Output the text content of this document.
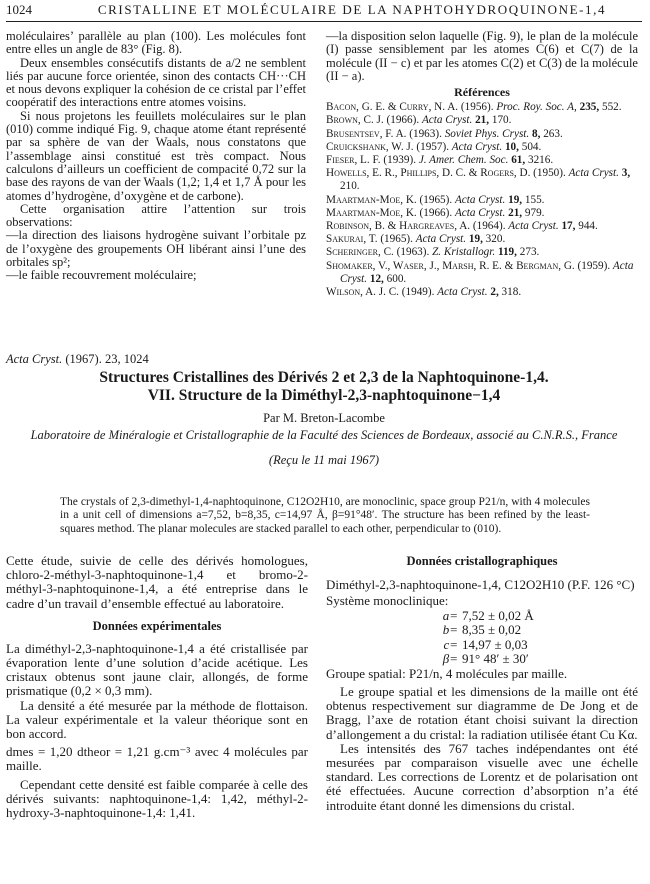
1024	CRISTALLINE ET MOLÉCULAIRE DE LA NAPHTOHYDROQUINONE-1,4

moléculaires’ parallèle au plan (100). Les molécules font entre elles un angle de 83° (Fig. 8).

Deux ensembles consécutifs distants de a/2 ne semblent liés par aucune force orientée, sinon des contacts CH···CH et nous devons expliquer la cohésion de ce cristal par l’effet coopératif des interactions entre atomes voisins.

Si nous projetons les feuillets moléculaires sur le plan (010) comme indiqué Fig. 9, chaque atome étant représenté par sa sphère de van der Waals, nous constatons que l’assemblage ainsi constitué est très compact. Nous calculons d’ailleurs un coefficient de compacité 0,72 sur la base des rayons de van der Waals (1,2; 1,4 et 1,7 Å pour les atomes d’hydrogène, d’oxygène et de carbone).

Cette organisation attire l’attention sur trois observations:

—la direction des liaisons hydrogène suivant l’orbitale pz de l’oxygène des groupements OH libérant ainsi l’une des orbitales sp²;

—le faible recouvrement moléculaire;

—la disposition selon laquelle (Fig. 9), le plan de la molécule (I) passe sensiblement par les atomes C(6) et C(7) de la molécule (II − c) et par les atomes C(2) et C(3) de la molécule (II − a).

Références

Bacon, G. E. & Curry, N. A. (1956). Proc. Roy. Soc. A, 235, 552.

Brown, C. J. (1966). Acta Cryst. 21, 170.

Brusentsev, F. A. (1963). Soviet Phys. Cryst. 8, 263.

Cruickshank, W. J. (1957). Acta Cryst. 10, 504.

Fieser, L. F. (1939). J. Amer. Chem. Soc. 61, 3216.

Howells, E. R., Phillips, D. C. & Rogers, D. (1950). Acta Cryst. 3, 210.

Maartman-Moe, K. (1965). Acta Cryst. 19, 155.

Maartman-Moe, K. (1966). Acta Cryst. 21, 979.

Robinson, B. & Hargreaves, A. (1964). Acta Cryst. 17, 944.

Sakurai, T. (1965). Acta Cryst. 19, 320.

Scheringer, C. (1963). Z. Kristallogr. 119, 273.

Shomaker, V., Waser, J., Marsh, R. E. & Bergman, G. (1959). Acta Cryst. 12, 600.

Wilson, A. J. C. (1949). Acta Cryst. 2, 318.

Acta Cryst. (1967). 23, 1024

Structures Cristallines des Dérivés 2 et 2,3 de la Naphtoquinone-1,4.

VII. Structure de la Diméthyl-2,3-naphtoquinone−1,4

Par M. Breton-Lacombe

Laboratoire de Minéralogie et Cristallographie de la Faculté des Sciences de Bordeaux, associé au C.N.R.S., France

(Reçu le 11 mai 1967)

The crystals of 2,3-dimethyl-1,4-naphtoquinone, C12O2H10, are monoclinic, space group P21/n, with 4 molecules in a unit cell of dimensions a=7,52, b=8,35, c=14,97 Å, β=91°48′. The structure has been refined by the least-squares method. The planar molecules are stacked parallel to each other, perpendicular to (010).

Cette étude, suivie de celle des dérivés homologues, chloro-2-méthyl-3-naphtoquinone-1,4 et bromo-2-méthyl-3-naphtoquinone-1,4, a été entreprise dans le cadre d’un travail d’ensemble effectué au laboratoire.

Données expérimentales

La diméthyl-2,3-naphtoquinone-1,4 a été cristallisée par évaporation lente d’une solution d’acide acétique. Les cristaux obtenus sont jaune clair, allongés, de forme prismatique (0,2 × 0,3 mm).

La densité a été mesurée par la méthode de flottaison. La valeur expérimentale et la valeur théorique sont en bon accord.

dmes = 1,20 dtheor = 1,21 g.cm⁻³ avec 4 molécules par maille.

Cependant cette densité est faible comparée à celle des dérivés suivants: naphtoquinone-1,4: 1,42, méthyl-2-hydroxy-3-naphtoquinone-1,4: 1,41.

Données cristallographiques

Diméthyl-2,3-naphtoquinone-1,4, C12O2H10 (P.F. 126 °C)

Système monoclinique:

a= 7,52 ± 0,02 Å
b= 8,35 ± 0,02
c= 14,97 ± 0,03
β= 91° 48′ ± 30′

Groupe spatial: P21/n, 4 molécules par maille.

Le groupe spatial et les dimensions de la maille ont été obtenus respectivement sur diagramme de De Jong et de Bragg, l’axe de rotation étant choisi suivant la direction d’allongement a du cristal: la radiation utilisée étant Cu Kα.

Les intensités des 767 taches indépendantes ont été mesurées par comparaison visuelle avec une échelle standard. Les corrections de Lorentz et de polarisation ont été effectuées. Aucune correction d’absorption n’a été introduite étant donné les dimensions du cristal.
